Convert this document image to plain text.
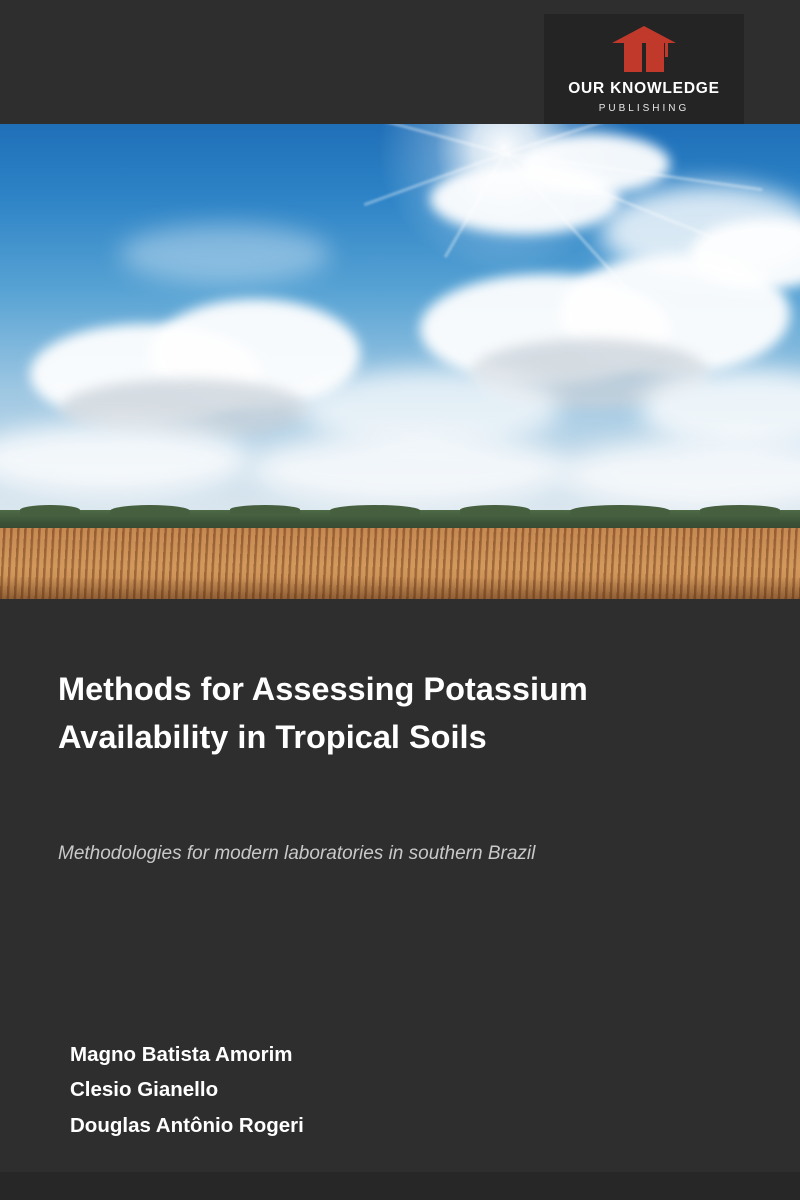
OUR KNOWLEDGE
PUBLISHING
Methods for Assessing Potassium Availability in Tropical Soils
Methodologies for modern laboratories in southern Brazil
Magno Batista Amorim
Clesio Gianello
Douglas Antônio Rogeri
